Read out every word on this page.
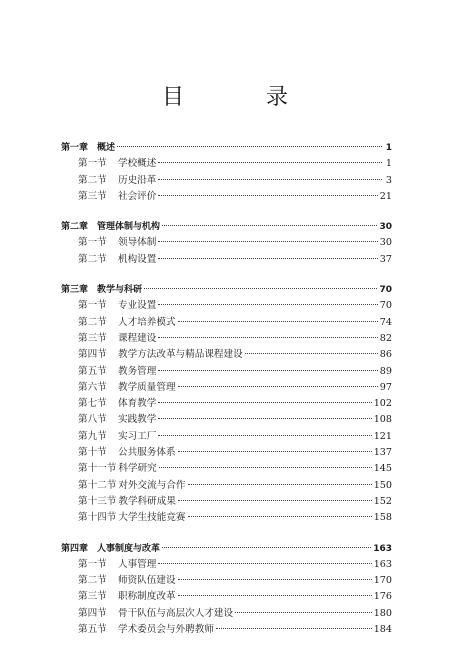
目　录
第一章 概述	1
第一节 学校概述	1
第二节 历史沿革	3
第三节 社会评价	21
第二章 管理体制与机构	30
第一节 领导体制	30
第二节 机构设置	37
第三章 教学与科研	70
第一节 专业设置	70
第二节 人才培养模式	74
第三节 课程建设	82
第四节 教学方法改革与精品课程建设	86
第五节 教务管理	89
第六节 教学质量管理	97
第七节 体育教学	102
第八节 实践教学	108
第九节 实习工厂	121
第十节 公共服务体系	137
第十一节 科学研究	145
第十二节 对外交流与合作	150
第十三节 教学科研成果	152
第十四节 大学生技能竞赛	158
第四章 人事制度与改革	163
第一节 人事管理	163
第二节 师资队伍建设	170
第三节 职称制度改革	176
第四节 骨干队伍与高层次人才建设	180
第五节 学术委员会与外聘教师	184
